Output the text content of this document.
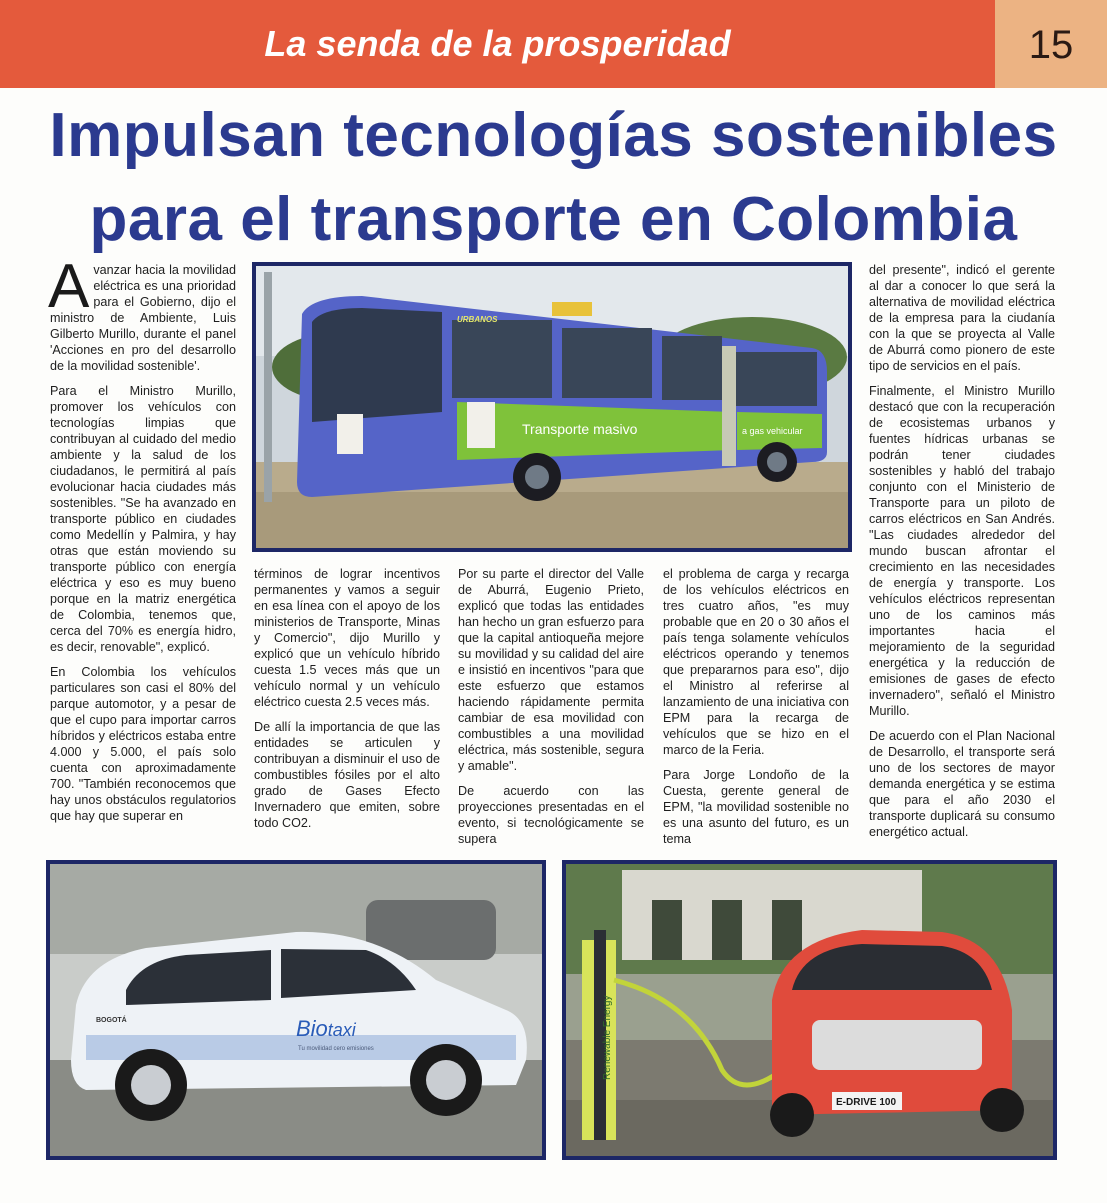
La senda de la prosperidad	15
Impulsan tecnologías sostenibles
para el transporte en Colombia

Avanzar hacia la movilidad eléctrica es una prioridad para el Gobierno, dijo el ministro de Ambiente, Luis Gilberto Murillo, durante el panel 'Acciones en pro del desarrollo de la movilidad sostenible'.

Para el Ministro Murillo, promover los vehículos con tecnologías limpias que contribuyan al cuidado del medio ambiente y la salud de los ciudadanos, le permitirá al país evolucionar hacia ciudades más sostenibles. "Se ha avanzado en transporte público en ciudades como Medellín y Palmira, y hay otras que están moviendo su transporte público con energía eléctrica y eso es muy bueno porque en la matriz energética de Colombia, tenemos que, cerca del 70% es energía hidro, es decir, renovable", explicó.

En Colombia los vehículos particulares son casi el 80% del parque automotor, y a pesar de que el cupo para importar carros híbridos y eléctricos estaba entre 4.000 y 5.000, el país solo cuenta con aproximadamente 700. "También reconocemos que hay unos obstáculos regulatorios que hay que superar en

Transporte masivo	a gas vehicular
URBANOS

términos de lograr incentivos permanentes y vamos a seguir en esa línea con el apoyo de los ministerios de Transporte, Minas y Comercio", dijo Murillo y explicó que un vehículo híbrido cuesta 1.5 veces más que un vehículo normal y un vehículo eléctrico cuesta 2.5 veces más.

De allí la importancia de que las entidades se articulen y contribuyan a disminuir el uso de combustibles fósiles por el alto grado de Gases Efecto Invernadero que emiten, sobre todo CO2.

Por su parte el director del Valle de Aburrá, Eugenio Prieto, explicó que todas las entidades han hecho un gran esfuerzo para que la capital antioqueña mejore su movilidad y su calidad del aire e insistió en incentivos "para que este esfuerzo que estamos haciendo rápidamente permita cambiar de esa movilidad con combustibles a una movilidad eléctrica, más sostenible, segura y amable".

De acuerdo con las proyecciones presentadas en el evento, si tecnológicamente se supera

el problema de carga y recarga de los vehículos eléctricos en tres cuatro años, "es muy probable que en 20 o 30 años el país tenga solamente vehículos eléctricos operando y tenemos que prepararnos para eso", dijo el Ministro al referirse al lanzamiento de una iniciativa con EPM para la recarga de vehículos que se hizo en el marco de la Feria.

Para Jorge Londoño de la Cuesta, gerente general de EPM, "la movilidad sostenible no es una asunto del futuro, es un tema

del presente", indicó el gerente al dar a conocer lo que será la alternativa de movilidad eléctrica de la empresa para la ciudanía con la que se proyecta al Valle de Aburrá como pionero de este tipo de servicios en el país.

Finalmente, el Ministro Murillo destacó que con la recuperación de ecosistemas urbanos y fuentes hídricas urbanas se podrán tener ciudades sostenibles y habló del trabajo conjunto con el Ministerio de Transporte para un piloto de carros eléctricos en San Andrés. "Las ciudades alrededor del mundo buscan afrontar el crecimiento en las necesidades de energía y transporte. Los vehículos eléctricos representan uno de los caminos más importantes hacia el mejoramiento de la seguridad energética y la reducción de emisiones de gases de efecto invernadero", señaló el Ministro Murillo.

De acuerdo con el Plan Nacional de Desarrollo, el transporte será uno de los sectores de mayor demanda energética y se estima que para el año 2030 el transporte duplicará su consumo energético actual.

Biotaxi
Tu movilidad cero emisiones
BOGOTÁ	Renewable Energy
E-DRIVE 100
